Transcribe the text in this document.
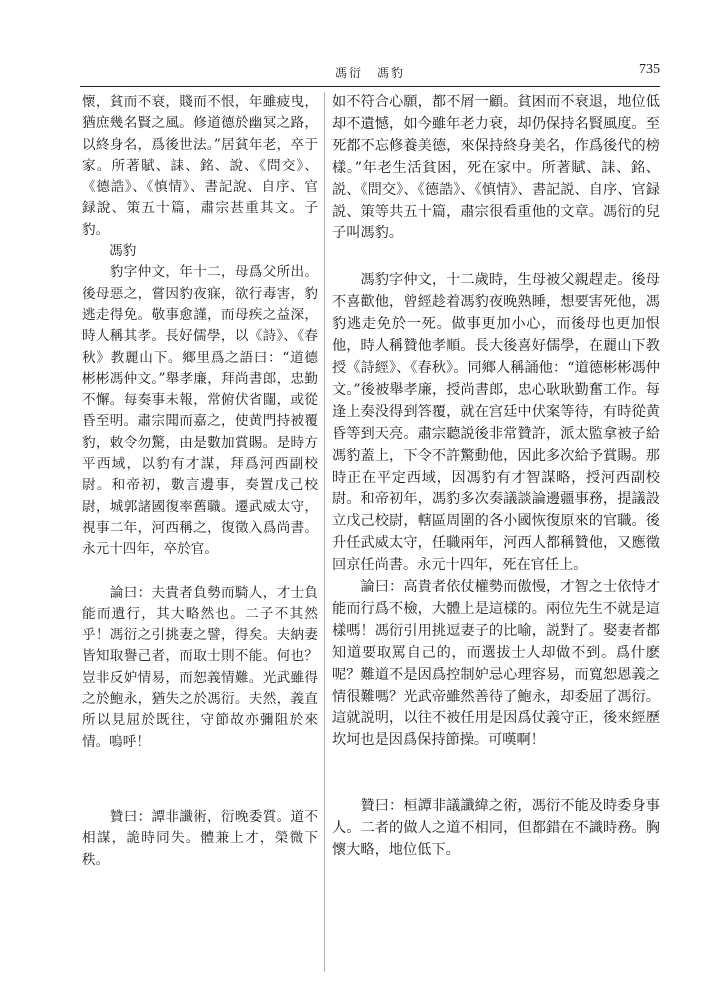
馮衍　馮豹	735

懷，貧而不衰，賤而不恨，年雖疲曳，猶庶幾名賢之風。修道德於幽冥之路，以終身名，爲後世法。”居貧年老，卒于家。所著賦、誄、銘、說、《問交》、《德誥》、《慎情》、書記說、自序、官録說、策五十篇，肅宗甚重其文。子豹。

　　馮豹

　　豹字仲文，年十二，母爲父所出。後母惡之，嘗因豹夜寐，欲行毒害，豹逃走得免。敬事愈謹，而母疾之益深，時人稱其孝。長好儒學，以《詩》、《春秋》教麗山下。鄉里爲之語曰：“道德彬彬馮仲文。”舉孝廉，拜尚書郎，忠勤不懈。每奏事未報，常俯伏省闥，或從昏至明。肅宗聞而嘉之，使黄門持被覆豹，敕令勿驚，由是數加賞賜。是時方平西域，以豹有才謀，拜爲河西副校尉。和帝初，數言邊事，奏置戊己校尉，城郭諸國復率舊職。遷武威太守，視事二年，河西稱之，復徵入爲尚書。永元十四年，卒於官。

　　論曰：夫貴者負勢而騎人，才士負能而遺行，其大略然也。二子不其然乎！馮衍之引挑妻之譬，得矣。夫納妻皆知取譽己者，而取士則不能。何也？豈非反妒情易，而恕義情難。光武雖得之於鮑永，猶失之於馮衍。夫然，義直所以見屈於既往，守節故亦彌阻於來情。嗚呼！

　　贊曰：譚非讖術，衍晚委質。道不相謀，詭時同失。體兼上才，榮微下秩。

如不符合心願，都不屑一顧。貧困而不衰退，地位低却不遺憾，如今雖年老力衰，却仍保持名賢風度。至死都不忘修養美德，來保持終身美名，作爲後代的榜樣。”年老生活貧困，死在家中。所著賦、誄、銘、説、《問交》、《德誥》、《慎情》、書記説、自序、官録説、策等共五十篇，肅宗很看重他的文章。馮衍的兒子叫馮豹。

　　馮豹字仲文，十二歲時，生母被父親趕走。後母不喜歡他，曾經趁着馮豹夜晚熟睡，想要害死他，馮豹逃走免於一死。做事更加小心，而後母也更加恨他，時人稱贊他孝順。長大後喜好儒學，在麗山下教授《詩經》、《春秋》。同鄉人稱誦他：“道德彬彬馮仲文。”後被舉孝廉，授尚書郎，忠心耿耿勤奮工作。每逢上奏没得到答覆，就在宫廷中伏案等待，有時從黄昏等到天亮。肅宗聽説後非常贊許，派太監拿被子給馮豹蓋上，下令不許驚動他，因此多次給予賞賜。那時正在平定西域，因馮豹有才智謀略，授河西副校尉。和帝初年，馮豹多次奏議談論邊疆事務，提議設立戊己校尉，轄區周圍的各小國恢復原來的官職。後升任武威太守，任職兩年，河西人都稱贊他，又應徵回京任尚書。永元十四年，死在官任上。

　　論曰：高貴者依仗權勢而傲慢，才智之士依恃才能而行爲不檢，大體上是這樣的。兩位先生不就是這樣嗎！馮衍引用挑逗妻子的比喻，説對了。娶妻者都知道要取罵自己的，而選拔士人却做不到。爲什麽呢？難道不是因爲控制妒忌心理容易，而寬恕恩義之情很難嗎？光武帝雖然善待了鮑永，却委屈了馮衍。這就説明，以往不被任用是因爲仗義守正，後來經歷坎坷也是因爲保持節操。可嘆啊！

　　贊曰：桓譚非議讖緯之術，馮衍不能及時委身事人。二者的做人之道不相同，但都錯在不識時務。胸懷大略，地位低下。
